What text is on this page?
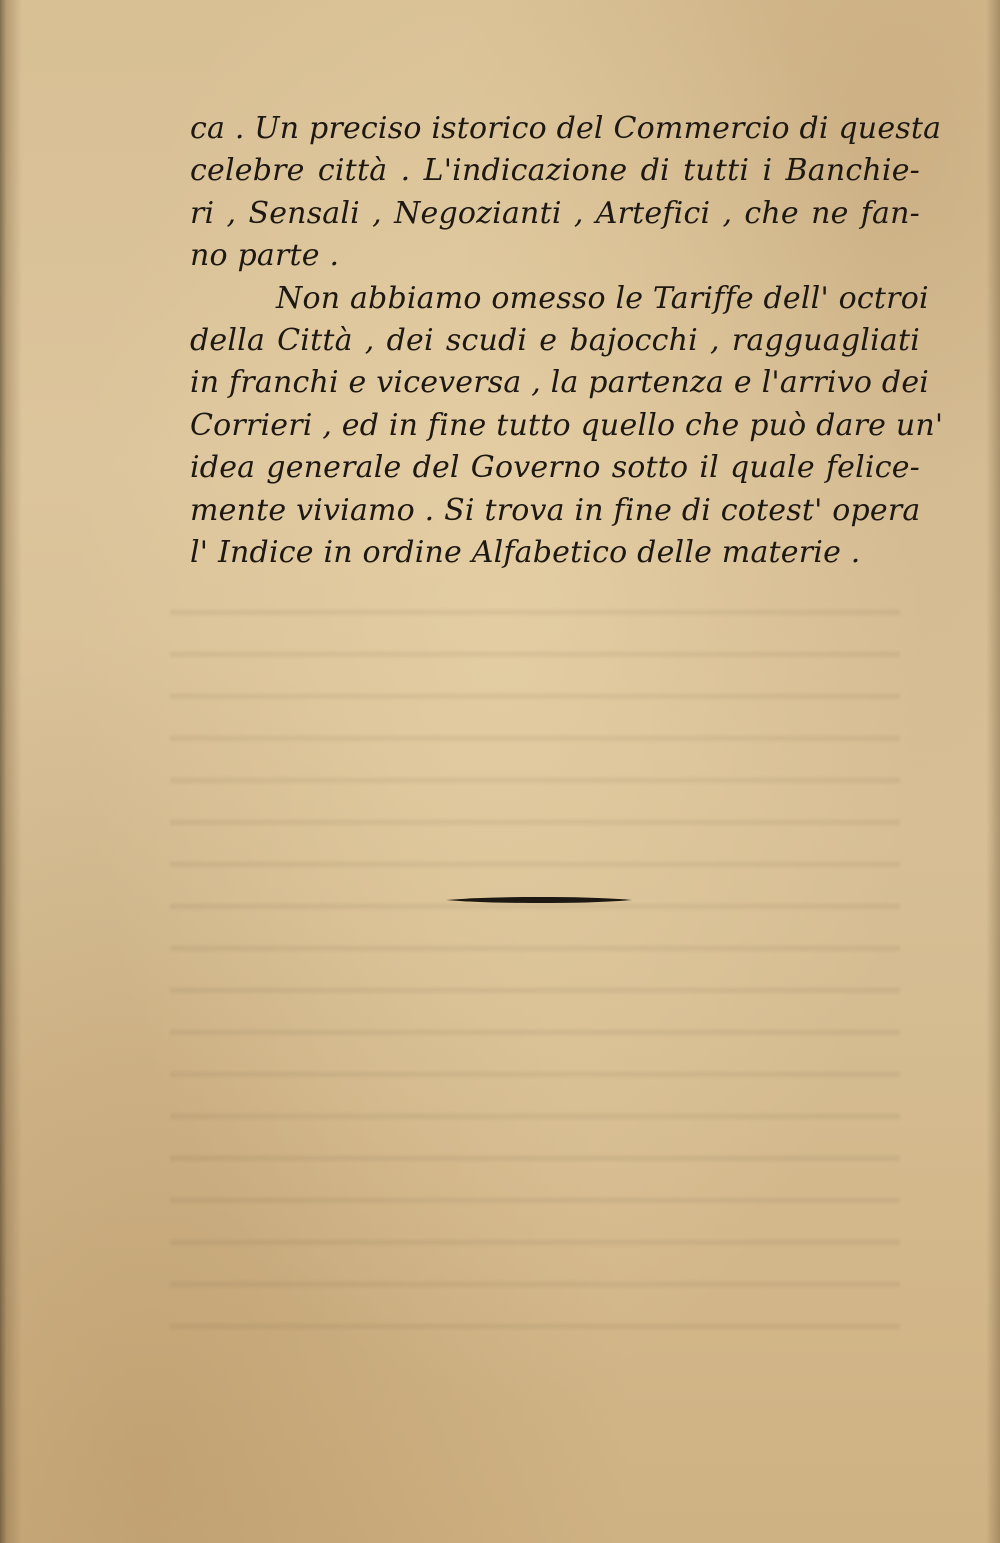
ca . Un preciso istorico del Commercio di questa
celebre città . L'indicazione di tutti i Banchie-
ri , Sensali , Negozianti , Artefici , che ne fan-
no parte .
Non abbiamo omesso le Tariffe dell' octroi
della Città , dei scudi e bajocchi , ragguagliati
in franchi e viceversa , la partenza e l'arrivo dei
Corrieri , ed in fine tutto quello che può dare un'
idea generale del Governo sotto il quale felice-
mente viviamo . Si trova in fine di cotest' opera
l' Indice in ordine Alfabetico delle materie .
